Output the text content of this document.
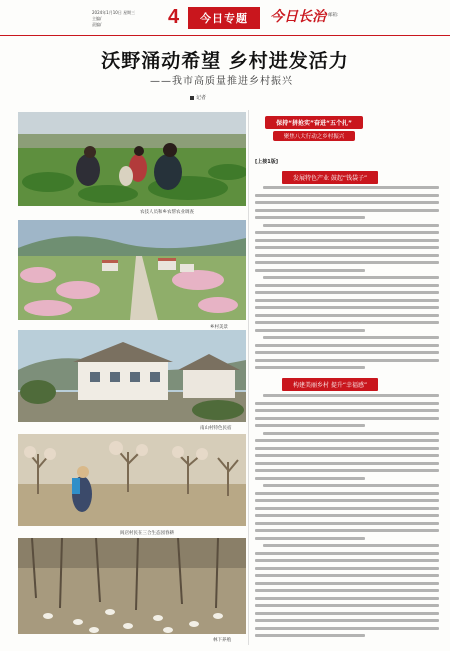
2024年1月10日 星期三
主编/
责编/	4	今日专题	今日长治 邮箱:
沃野涌动希望 乡村进发活力
——我市高质量推进乡村振兴
记者
农技人员和乡农帮农业调查
乡村美景
南山村特色民宿
闾店村民在三合生态园春耕
林下养殖
保持“拼抢实”奋进“五个扎”
聚焦八大行动之乡村振兴
[上接1版]
发展特色产业 鼓起“钱袋子”
构建美丽乡村 提升“幸福感”
